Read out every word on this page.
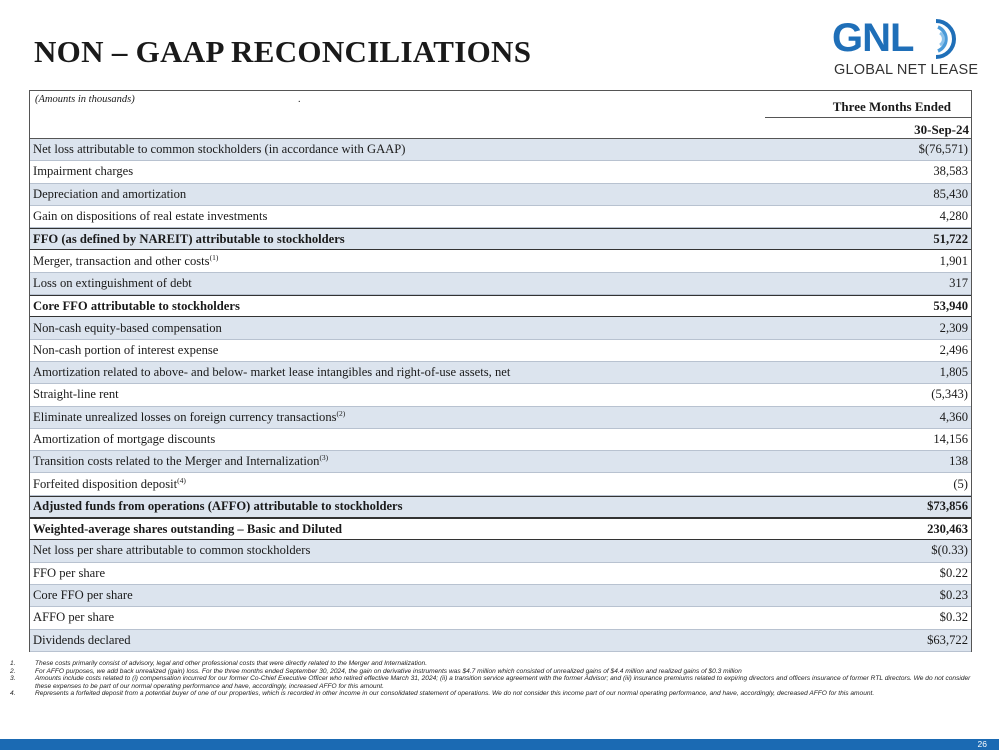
NON – GAAP RECONCILIATIONS	GNL
GLOBAL NET LEASE
(Amounts in thousands)	.	Three Months Ended
30-Sep-24
Net loss attributable to common stockholders (in accordance with GAAP)	$(76,571)
Impairment charges	38,583
Depreciation and amortization	85,430
Gain on dispositions of real estate investments	4,280
FFO (as defined by NAREIT) attributable to stockholders	51,722
Merger, transaction and other costs$^{(1)}$	1,901
Loss on extinguishment of debt	317
Core FFO attributable to stockholders	53,940
Non-cash equity-based compensation	2,309
Non-cash portion of interest expense	2,496
Amortization related to above- and below- market lease intangibles and right-of-use assets, net	1,805
Straight-line rent	(5,343)
Eliminate unrealized losses on foreign currency transactions$^{(2)}$	4,360
Amortization of mortgage discounts	14,156
Transition costs related to the Merger and Internalization$^{(3)}$	138
Forfeited disposition deposit$^{(4)}$	(5)
Adjusted funds from operations (AFFO) attributable to stockholders	$73,856
Weighted-average shares outstanding – Basic and Diluted	230,463
Net loss per share attributable to common stockholders	$(0.33)
FFO per share	$0.22
Core FFO per share	$0.23
AFFO per share	$0.32
Dividends declared	$63,722
1.	These costs primarily consist of advisory, legal and other professional costs that were directly related to the Merger and Internalization.
2.	For AFFO purposes, we add back unrealized (gain) loss. For the three months ended September 30, 2024, the gain on derivative instruments was $4.7 million which consisted of unrealized gains of $4.4 million and realized gains of $0.3 million
3.	Amounts include costs related to (i) compensation incurred for our former Co-Chief Executive Officer who retired effective March 31, 2024; (ii) a transition service agreement with the former Advisor; and (iii) insurance premiums related to expiring directors and officers insurance of former RTL directors. We do not consider these expenses to be part of our normal operating performance and have, accordingly, increased AFFO for this amount.
4.	Represents a forfeited deposit from a potential buyer of one of our properties, which is recorded in other income in our consolidated statement of operations. We do not consider this income part of our normal operating performance, and have, accordingly, decreased AFFO for this amount.
26
